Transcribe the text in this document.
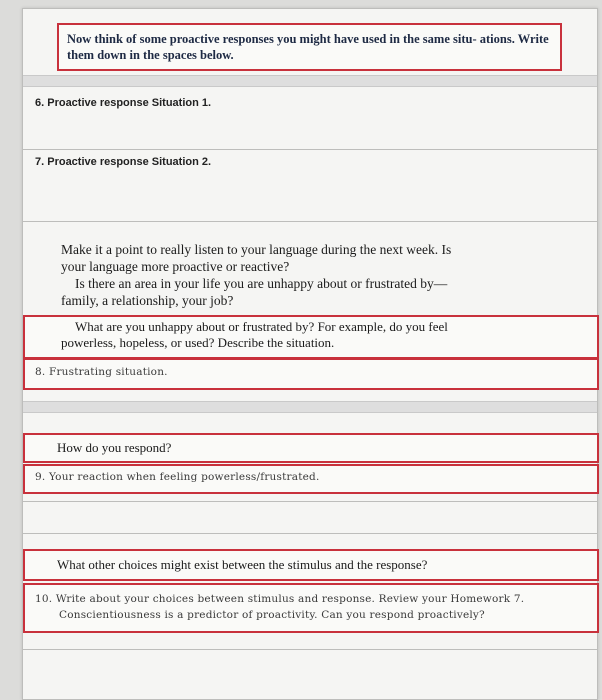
Now think of some proactive responses you might have used in the same situ- ations. Write them down in the spaces below.
6. Proactive response Situation 1.
7. Proactive response Situation 2.

Make it a point to really listen to your language during the next week. Is

your language more proactive or reactive?

Is there an area in your life you are unhappy about or frustrated by—

family, a relationship, your job?

What are you unhappy about or frustrated by? For example, do you feel
powerless, hopeless, or used? Describe the situation.
8. Frustrating situation.
How do you respond?
9. Your reaction when feeling powerless/frustrated.
What other choices might exist between the stimulus and the response?
10. Write about your choices between stimulus and response. Review your Homework 7.
Conscientiousness is a predictor of proactivity. Can you respond proactively?
